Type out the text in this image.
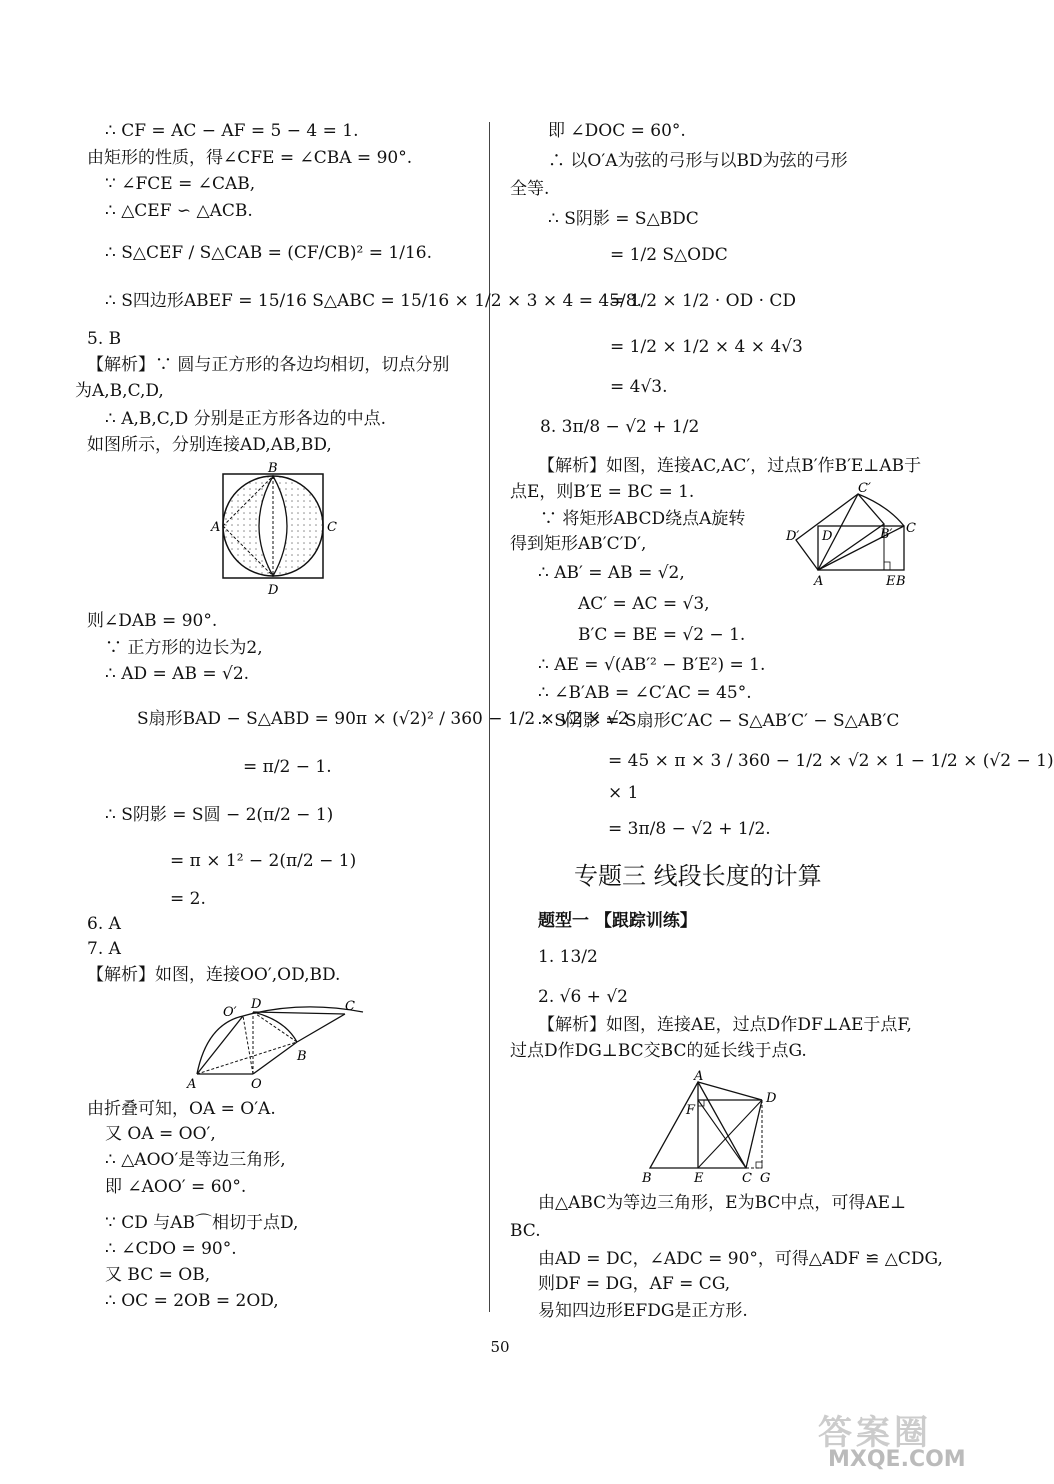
∴ CF = AC − AF = 5 − 4 = 1.
由矩形的性质，得∠CFE = ∠CBA = 90°.
∵ ∠FCE = ∠CAB,
∴ △CEF ∽ △ACB.
∴ S△CEF / S△CAB = (CF/CB)² = 1/16.
∴ S四边形ABEF = 15/16 S△ABC = 15/16 × 1/2 × 3 × 4 = 45/8.
5. B
【解析】∵ 圆与正方形的各边均相切，切点分别
为A,B,C,D,
∴ A,B,C,D 分别是正方形各边的中点.
如图所示，分别连接AD,AB,BD,
B
A	C
D
则∠DAB = 90°.
∵ 正方形的边长为2,
∴ AD = AB = √2.
S扇形BAD − S△ABD = 90π × (√2)² / 360 − 1/2 × √2 × √2
= π/2 − 1.
∴ S阴影 = S圆 − 2(π/2 − 1)
= π × 1² − 2(π/2 − 1)
= 2.
6. A
7. A
【解析】如图，连接OO′,OD,BD.
A	O
O′
D
B
C
由折叠可知，OA = O′A.
又 OA = OO′,
∴ △AOO′是等边三角形,
即 ∠AOO′ = 60°.
∵ CD 与AB⌒相切于点D,
∴ ∠CDO = 90°.
又 BC = OB,
∴ OC = 2OB = 2OD,
即 ∠DOC = 60°.
∴ 以O′A为弦的弓形与以BD为弦的弓形
全等.
∴ S阴影 = S△BDC
= 1/2 S△ODC
= 1/2 × 1/2 · OD · CD
= 1/2 × 1/2 × 4 × 4√3
= 4√3.
8. 3π/8 − √2 + 1/2
【解析】如图，连接AC,AC′，过点B′作B′E⊥AB于
点E，则B′E = BC = 1.
∵ 将矩形ABCD绕点A旋转
得到矩形AB′C′D′,
A	B
E
C
D
D′
C′
B′
∴ AB′ = AB = √2,
AC′ = AC = √3,
B′C = BE = √2 − 1.
∴ AE = √(AB′² − B′E²) = 1.
∴ ∠B′AB = ∠C′AC = 45°.
∴ S阴影 = S扇形C′AC − S△AB′C′ − S△AB′C
= 45 × π × 3 / 360 − 1/2 × √2 × 1 − 1/2 × (√2 − 1)
× 1
= 3π/8 − √2 + 1/2.
专题三 线段长度的计算
题型一 【跟踪训练】
1. 13/2
2. √6 + √2
【解析】如图，连接AE，过点D作DF⊥AE于点F,
过点D作DG⊥BC交BC的延长线于点G.
A
B	E	C G
D
F
由△ABC为等边三角形，E为BC中点，可得AE⊥
BC.
由AD = DC，∠ADC = 90°，可得△ADF ≌ △CDG,
则DF = DG，AF = CG,
易知四边形EFDG是正方形.
50
答案圈
MXQE.COM
